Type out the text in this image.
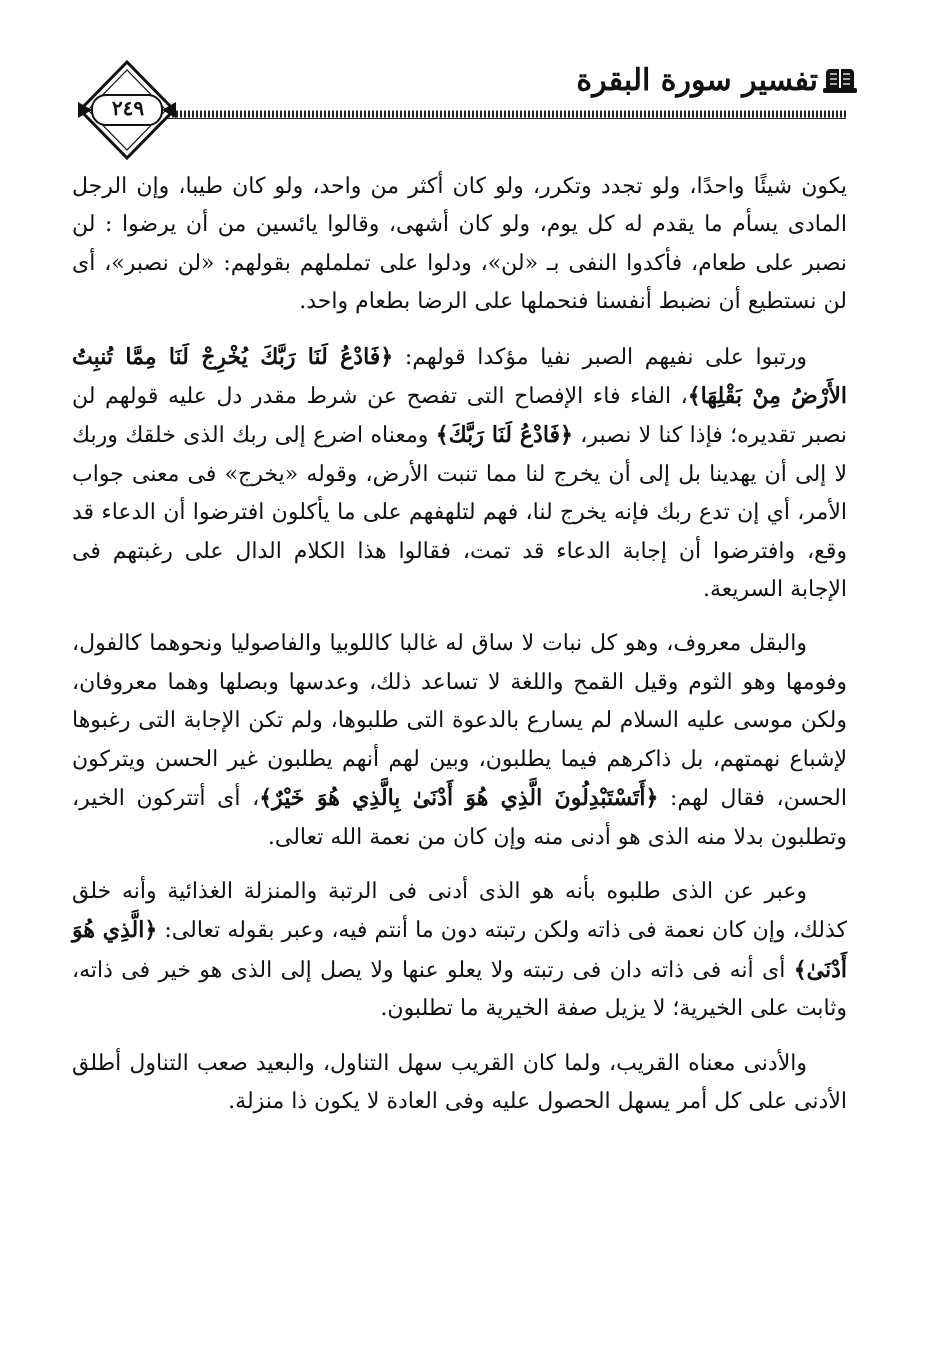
تفسير سورة البقرة
٢٤٩

يكون شيئًا واحدًا، ولو تجدد وتكرر، ولو كان أكثر من واحد، ولو كان طيبا، وإن الرجل المادى يسأم ما يقدم له كل يوم، ولو كان أشهى، وقالوا يائسين من أن يرضوا : لن نصبر على طعام، فأكدوا النفى بـ «لن»، ودلوا على تململهم بقولهم: «لن نصبر»، أى لن نستطيع أن نضبط أنفسنا فنحملها على الرضا بطعام واحد.

ورتبوا على نفيهم الصبر نفيا مؤكدا قولهم: ﴿فَادْعُ لَنَا رَبَّكَ يُخْرِجْ لَنَا مِمَّا تُنبِتُ الأَرْضُ مِنْ بَقْلِهَا﴾، الفاء فاء الإفصاح التى تفصح عن شرط مقدر دل عليه قولهم لن نصبر تقديره؛ فإذا كنا لا نصبر، ﴿فَادْعُ لَنَا رَبَّكَ﴾ ومعناه اضرع إلى ربك الذى خلقك وربك لا إلى أن يهدينا بل إلى أن يخرج لنا مما تنبت الأرض، وقوله «يخرج» فى معنى جواب الأمر، أي إن تدع ربك فإنه يخرج لنا، فهم لتلهفهم على ما يأكلون افترضوا أن الدعاء قد وقع، وافترضوا أن إجابة الدعاء قد تمت، فقالوا هذا الكلام الدال على رغبتهم فى الإجابة السريعة.

والبقل معروف، وهو كل نبات لا ساق له غالبا كاللوبيا والفاصوليا ونحوهما كالفول، وفومها وهو الثوم وقيل القمح واللغة لا تساعد ذلك، وعدسها وبصلها وهما معروفان، ولكن موسى عليه السلام لم يسارع بالدعوة التى طلبوها، ولم تكن الإجابة التى رغبوها لإشباع نهمتهم، بل ذاكرهم فيما يطلبون، وبين لهم أنهم يطلبون غير الحسن ويتركون الحسن، فقال لهم: ﴿أَتَسْتَبْدِلُونَ الَّذِي هُوَ أَدْنَىٰ بِالَّذِي هُوَ خَيْرٌ﴾، أى أتتركون الخير، وتطلبون بدلا منه الذى هو أدنى منه وإن كان من نعمة الله تعالى.

وعبر عن الذى طلبوه بأنه هو الذى أدنى فى الرتبة والمنزلة الغذائية وأنه خلق كذلك، وإن كان نعمة فى ذاته ولكن رتبته دون ما أنتم فيه، وعبر بقوله تعالى: ﴿الَّذِي هُوَ أَدْنَىٰ﴾ أى أنه فى ذاته دان فى رتبته ولا يعلو عنها ولا يصل إلى الذى هو خير فى ذاته، وثابت على الخيرية؛ لا يزيل صفة الخيرية ما تطلبون.

والأدنى معناه القريب، ولما كان القريب سهل التناول، والبعيد صعب التناول أطلق الأدنى على كل أمر يسهل الحصول عليه وفى العادة لا يكون ذا منزلة.
